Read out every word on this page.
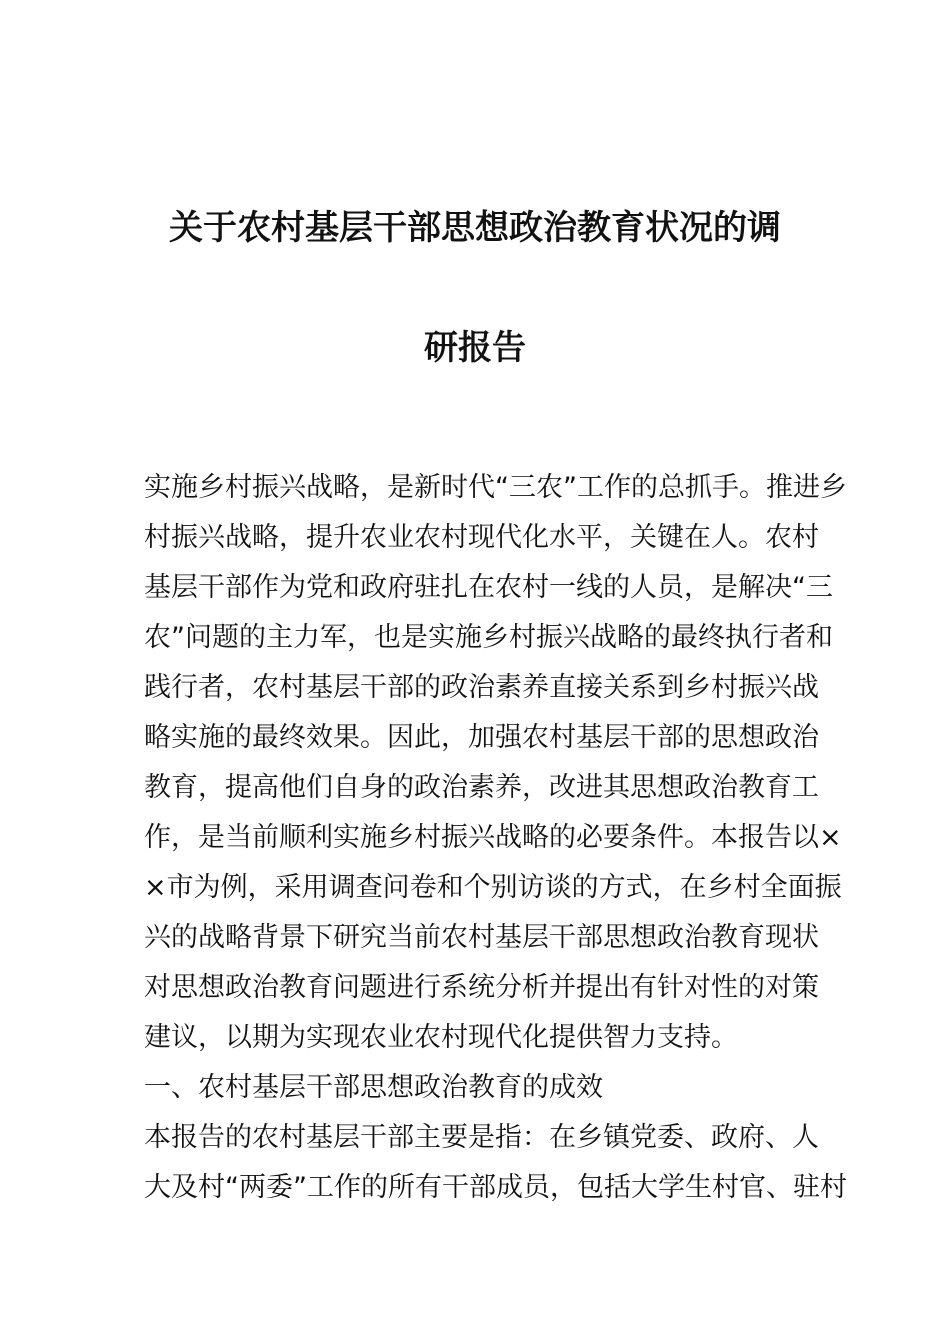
关于农村基层干部思想政治教育状况的调
研报告
实施乡村振兴战略，是新时代“三农”工作的总抓手。推进乡
村振兴战略，提升农业农村现代化水平，关键在人。农村
基层干部作为党和政府驻扎在农村一线的人员，是解决“三
农”问题的主力军，也是实施乡村振兴战略的最终执行者和
践行者，农村基层干部的政治素养直接关系到乡村振兴战
略实施的最终效果。因此，加强农村基层干部的思想政治
教育，提高他们自身的政治素养，改进其思想政治教育工
作，是当前顺利实施乡村振兴战略的必要条件。本报告以×
×市为例，采用调查问卷和个别访谈的方式，在乡村全面振
兴的战略背景下研究当前农村基层干部思想政治教育现状
对思想政治教育问题进行系统分析并提出有针对性的对策
建议，以期为实现农业农村现代化提供智力支持。
一、农村基层干部思想政治教育的成效
本报告的农村基层干部主要是指：在乡镇党委、政府、人
大及村“两委”工作的所有干部成员，包括大学生村官、驻村
